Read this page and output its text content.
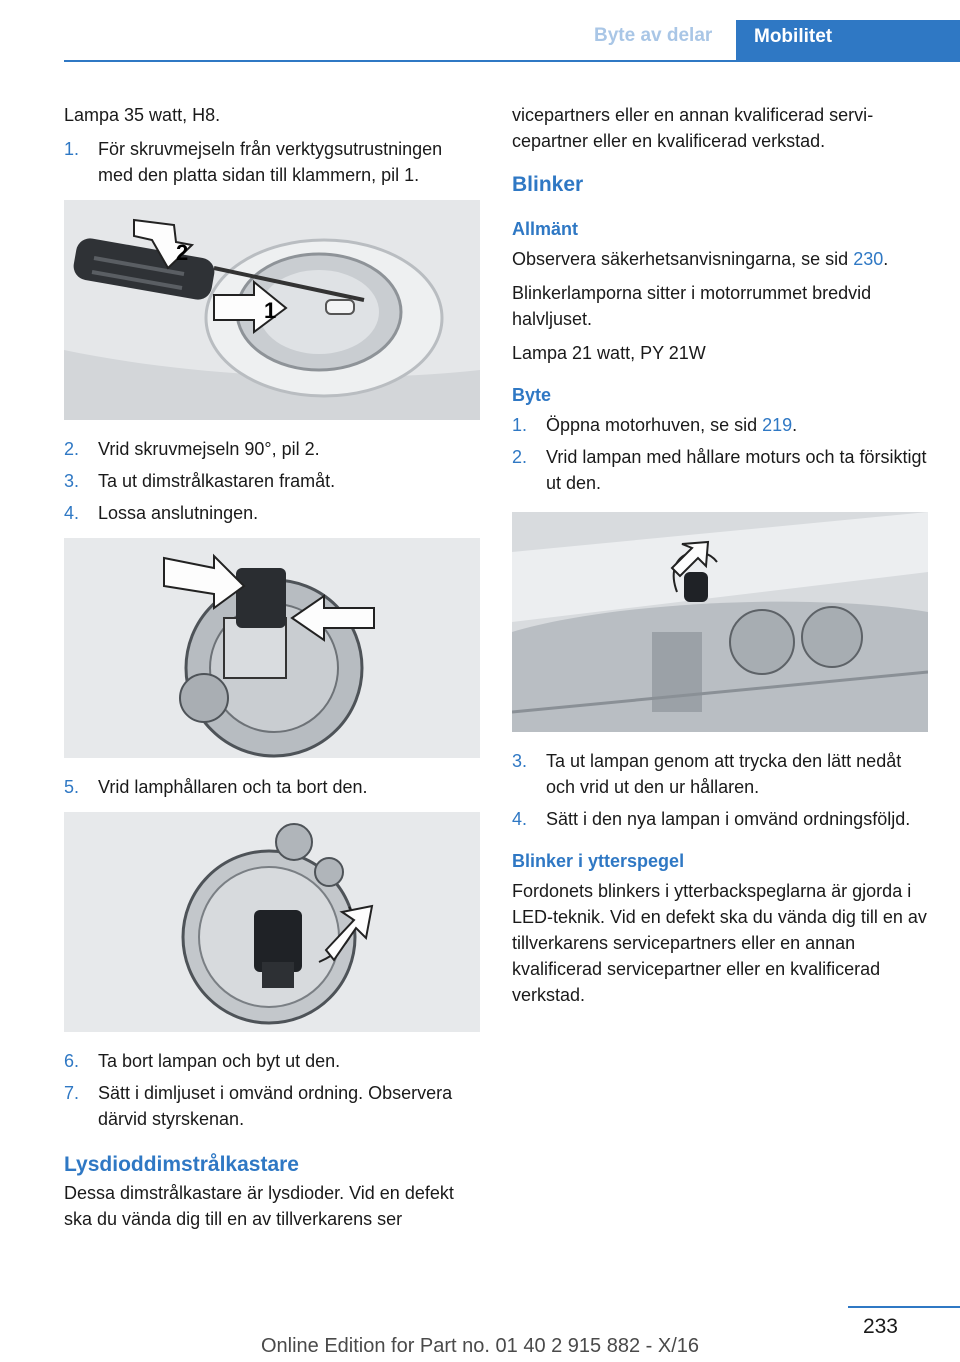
Byte av delar	Mobilitet

Lampa 35 watt, H8.

1.	För skruvmejseln från verktygsutrustningen med den platta sidan till klammern, pil 1.
2
1
2.	Vrid skruvmejseln 90°, pil 2.
3.	Ta ut dimstrålkastaren framåt.
4.	Lossa anslutningen.
5.	Vrid lamphållaren och ta bort den.
6.	Ta bort lampan och byt ut den.
7.	Sätt i dimljuset i omvänd ordning. Observera därvid styrskenan.
Lysdioddimstrålkastare

Dessa dimstrålkastare är lysdioder. Vid en defekt ska du vända dig till en av tillverkarens ser

vicepartners eller en annan kvalificerad servicepartner eller en kvalificerad verkstad.

Blinker
Allmänt

Observera säkerhetsanvisningarna, se sid 230.

Blinkerlamporna sitter i motorrummet bredvid halvljuset.

Lampa 21 watt, PY 21W

Byte
1.	Öppna motorhuven, se sid 219.
2.	Vrid lampan med hållare moturs och ta försiktigt ut den.
3.	Ta ut lampan genom att trycka den lätt nedåt och vrid ut den ur hållaren.
4.	Sätt i den nya lampan i omvänd ordningsföljd.
Blinker i ytterspegel

Fordonets blinkers i ytterbackspeglarna är gjorda i LED-teknik. Vid en defekt ska du vända dig till en av tillverkarens servicepartners eller en annan kvalificerad servicepartner eller en kvalificerad verkstad.

233
Online Edition for Part no. 01 40 2 915 882 - X/16
